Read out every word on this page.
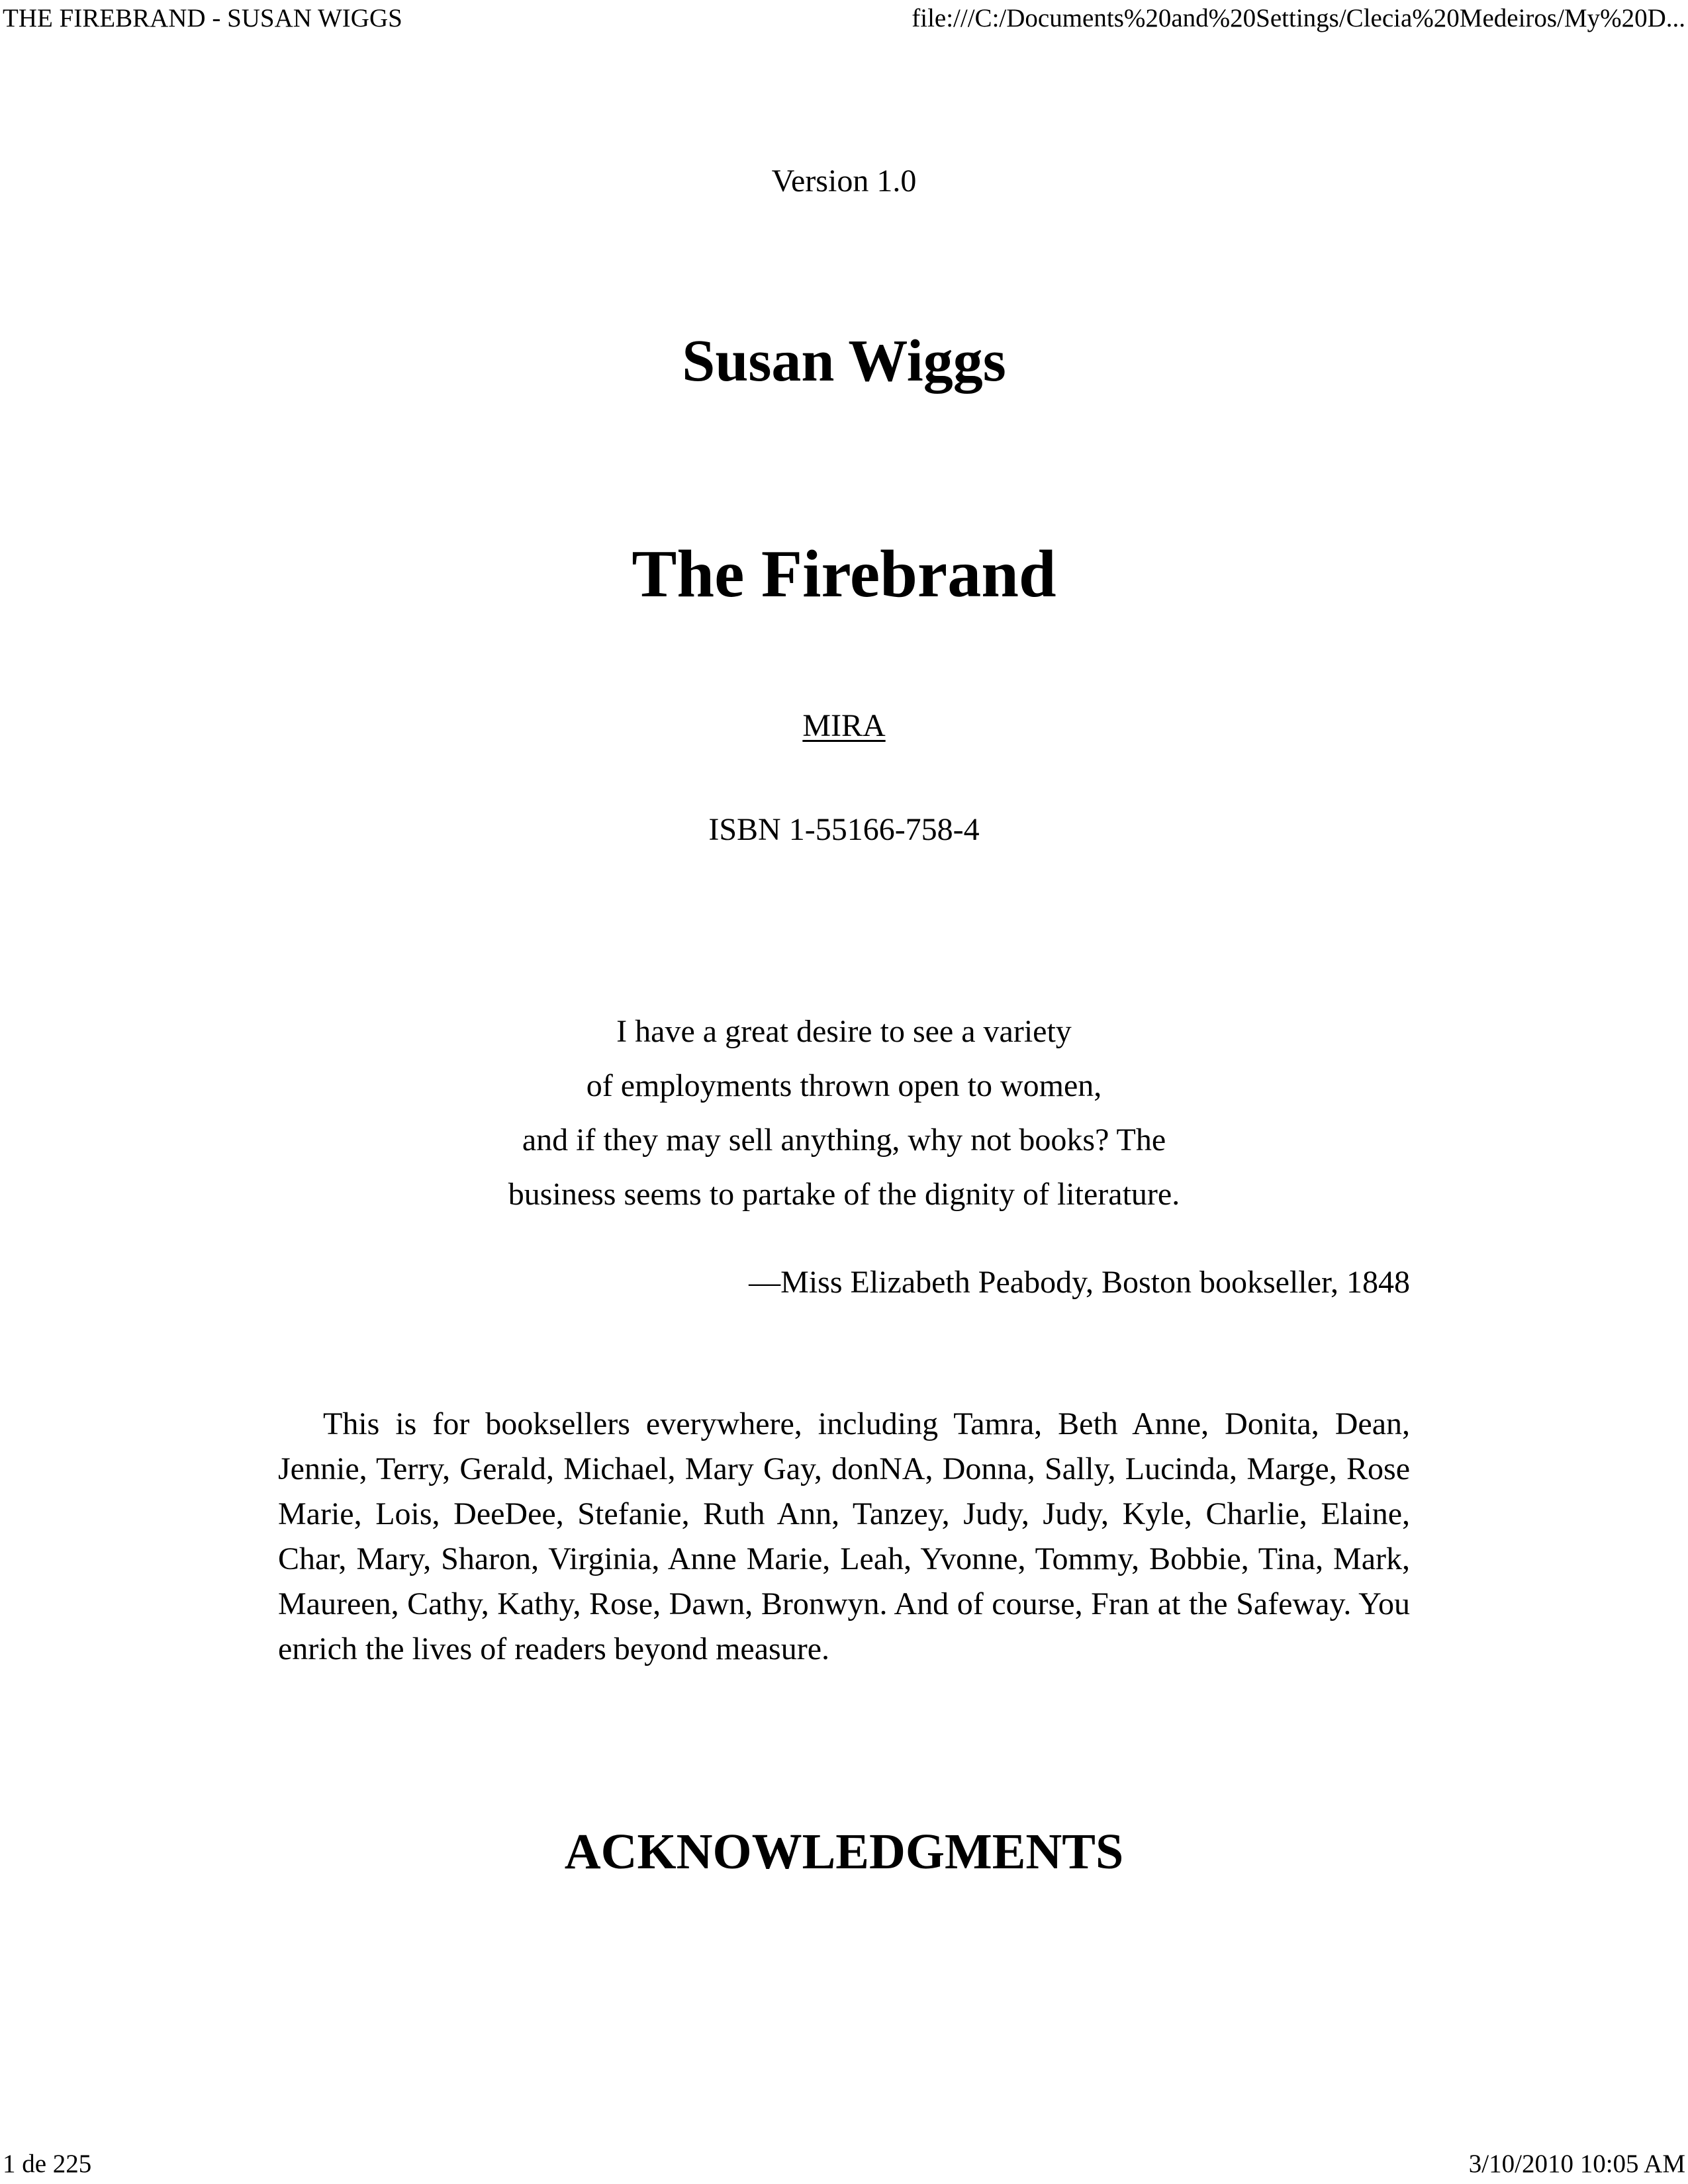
THE FIREBRAND - SUSAN WIGGS	file:///C:/Documents%20and%20Settings/Clecia%20Medeiros/My%20D...
Version 1.0
Susan Wiggs
The Firebrand
MIRA
ISBN 1-55166-758-4
I have a great desire to see a variety
of employments thrown open to women,
and if they may sell anything, why not books? The
business seems to partake of the dignity of literature.
—Miss Elizabeth Peabody, Boston bookseller, 1848
This is for booksellers everywhere, including Tamra, Beth Anne, Donita, Dean, Jennie, Terry, Gerald, Michael, Mary Gay, donNA, Donna, Sally, Lucinda, Marge, Rose Marie, Lois, DeeDee, Stefanie, Ruth Ann, Tanzey, Judy, Judy, Kyle, Charlie, Elaine, Char, Mary, Sharon, Virginia, Anne Marie, Leah, Yvonne, Tommy, Bobbie, Tina, Mark, Maureen, Cathy, Kathy, Rose, Dawn, Bronwyn. And of course, Fran at the Safeway. You enrich the lives of readers beyond measure.
ACKNOWLEDGMENTS
1 de 225	3/10/2010 10:05 AM
